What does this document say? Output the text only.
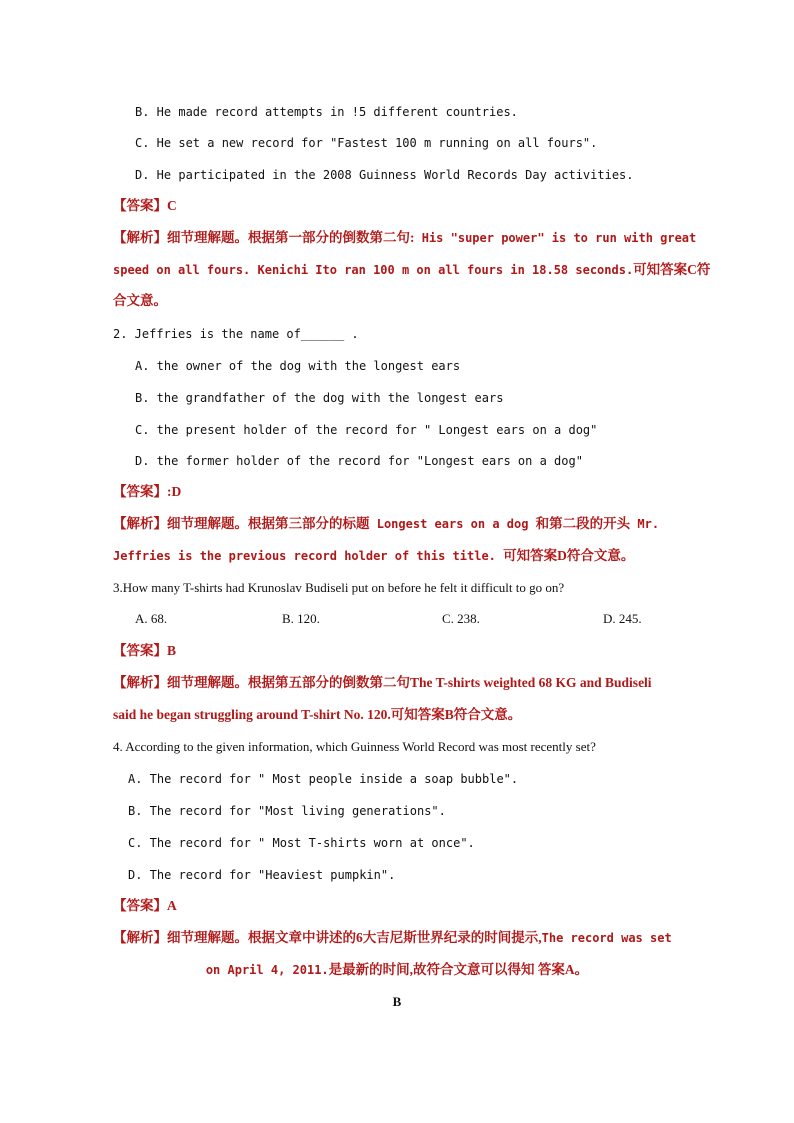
B. He made record attempts in !5 different countries.
C. He set a new record for "Fastest 100 m running on all fours".
D. He participated in the 2008 Guinness World Records Day activities.
【答案】C
【解析】细节理解题。根据第一部分的倒数第二句: His "super power" is to run with great
speed on all fours. Kenichi Ito ran 100 m on all fours in 18.58 seconds.可知答案C符
合文意。
2. Jeffries is the name of______ .
A. the owner of the dog with the longest ears
B. the grandfather of the dog with the longest ears
C. the present holder of the record for " Longest ears on a dog"
D. the former holder of the record for "Longest ears on a dog"
【答案】:D
【解析】细节理解题。根据第三部分的标题 Longest ears on a dog 和第二段的开头 Mr.
Jeffries is the previous record holder of this title. 可知答案D符合文意。
3.How many T-shirts had Krunoslav Budiseli put on before he felt it difficult to go on?
A. 68.	B. 120.	C. 238.	D. 245.
【答案】B
【解析】细节理解题。根据第五部分的倒数第二句The T-shirts weighted 68 KG and Budiseli
said he began struggling around T-shirt No. 120.可知答案B符合文意。
4. According to the given information, which Guinness World Record was most recently set?
A. The record for " Most people inside a soap bubble".
B. The record for "Most living generations".
C. The record for " Most T-shirts worn at once".
D. The record for "Heaviest pumpkin".
【答案】A
【解析】细节理解题。根据文章中讲述的6大吉尼斯世界纪录的时间提示,The record was set
on April 4, 2011.是最新的时间,故符合文意可以得知 答案A。
B
